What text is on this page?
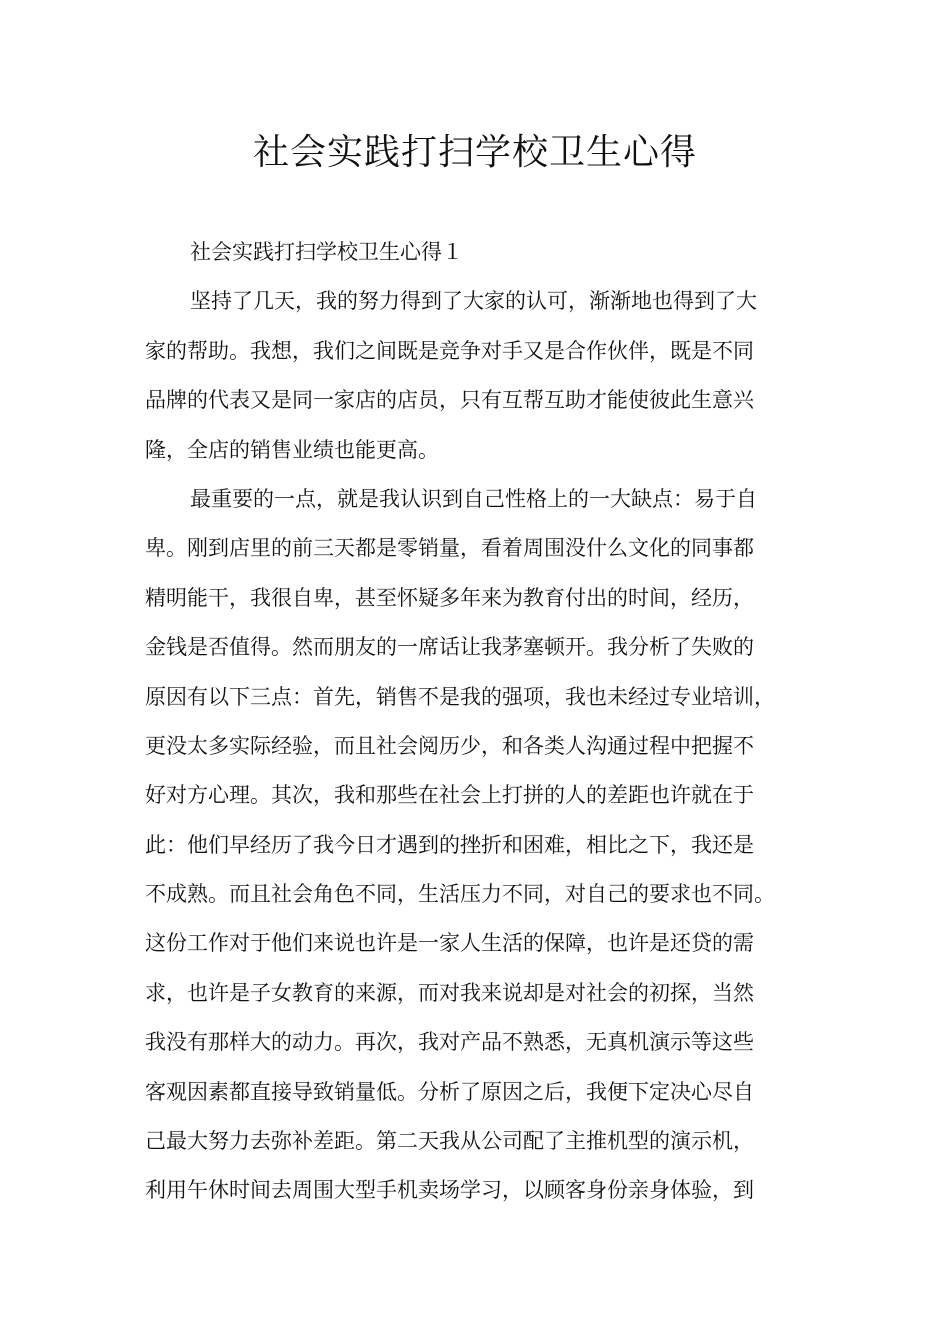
社会实践打扫学校卫生心得
社会实践打扫学校卫生心得１
坚持了几天，我的努力得到了大家的认可，渐渐地也得到了大
家的帮助。我想，我们之间既是竞争对手又是合作伙伴，既是不同
品牌的代表又是同一家店的店员，只有互帮互助才能使彼此生意兴
隆，全店的销售业绩也能更高。
最重要的一点，就是我认识到自己性格上的一大缺点：易于自
卑。刚到店里的前三天都是零销量，看着周围没什么文化的同事都
精明能干，我很自卑，甚至怀疑多年来为教育付出的时间，经历，
金钱是否值得。然而朋友的一席话让我茅塞顿开。我分析了失败的
原因有以下三点：首先，销售不是我的强项，我也未经过专业培训，
更没太多实际经验，而且社会阅历少，和各类人沟通过程中把握不
好对方心理。其次，我和那些在社会上打拼的人的差距也许就在于
此：他们早经历了我今日才遇到的挫折和困难，相比之下，我还是
不成熟。而且社会角色不同，生活压力不同，对自己的要求也不同。
这份工作对于他们来说也许是一家人生活的保障，也许是还贷的需
求，也许是子女教育的来源，而对我来说却是对社会的初探，当然
我没有那样大的动力。再次，我对产品不熟悉，无真机演示等这些
客观因素都直接导致销量低。分析了原因之后，我便下定决心尽自
己最大努力去弥补差距。第二天我从公司配了主推机型的演示机，
利用午休时间去周围大型手机卖场学习，以顾客身份亲身体验，到
